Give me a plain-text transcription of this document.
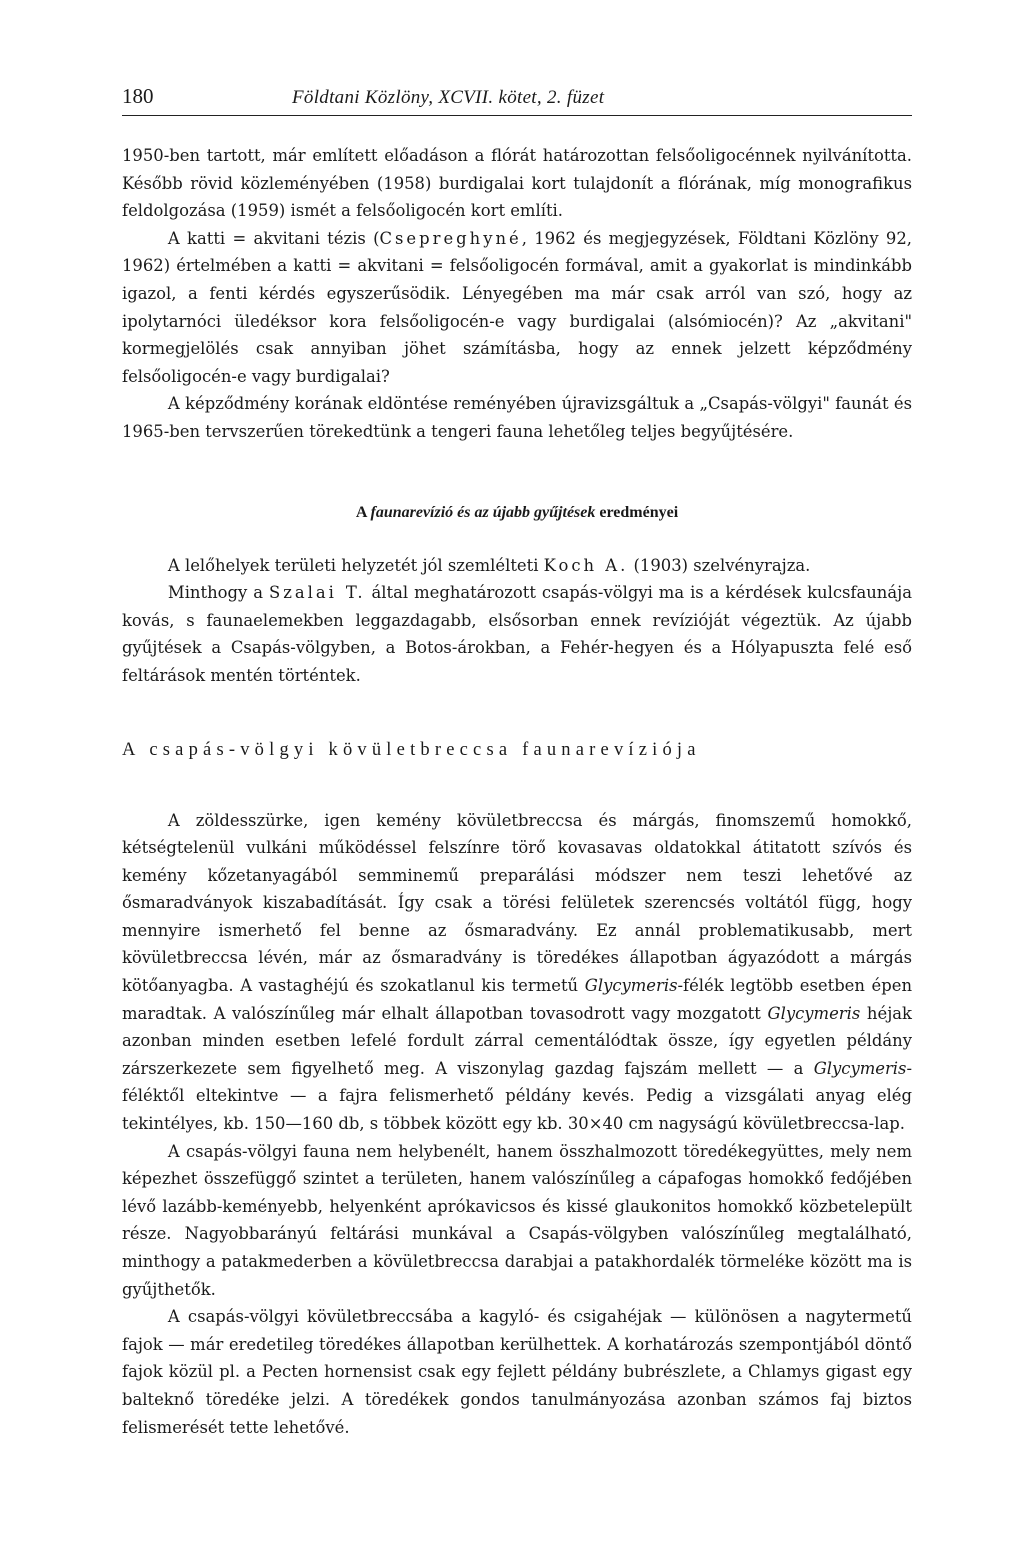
180	Földtani Közlöny, XCVII. kötet, 2. füzet

1950-ben tartott, már említett előadáson a flórát határozottan felsőoligocénnek nyilvánította. Később rövid közleményében (1958) burdigalai kort tulajdonít a flórának, míg monografikus feldolgozása (1959) ismét a felsőoligocén kort említi.

A katti = akvitani tézis (Csepreghyné, 1962 és megjegyzések, Földtani Közlöny 92, 1962) értelmében a katti = akvitani = felsőoligocén formával, amit a gyakorlat is mindinkább igazol, a fenti kérdés egyszerűsödik. Lényegében ma már csak arról van szó, hogy az ipolytarnóci üledéksor kora felsőoligocén-e vagy burdigalai (alsómiocén)? Az „akvitani" kormegjelölés csak annyiban jöhet számításba, hogy az ennek jelzett képződmény felsőoligocén-e vagy burdigalai?

A képződmény korának eldöntése reményében újravizsgáltuk a „Csapás-völgyi" faunát és 1965-ben tervszerűen törekedtünk a tengeri fauna lehetőleg teljes begyűjtésére.

A faunarevízió és az újabb gyűjtések eredményei

A lelőhelyek területi helyzetét jól szemlélteti Koch A. (1903) szelvényrajza.

Minthogy a Szalai T. által meghatározott csapás-völgyi ma is a kérdések kulcsfaunája kovás, s faunaelemekben leggazdagabb, elsősorban ennek revízióját végeztük. Az újabb gyűjtések a Csapás-völgyben, a Botos-árokban, a Fehér-hegyen és a Hólyapuszta felé eső feltárások mentén történtek.

A csapás-völgyi kövületbreccsa faunarevíziója

A zöldesszürke, igen kemény kövületbreccsa és márgás, finomszemű homokkő, kétségtelenül vulkáni működéssel felszínre törő kovasavas oldatokkal átitatott szívós és kemény kőzetanyagából semminemű preparálási módszer nem teszi lehetővé az ősmaradványok kiszabadítását. Így csak a törési felületek szerencsés voltától függ, hogy mennyire ismerhető fel benne az ősmaradvány. Ez annál problematikusabb, mert kövületbreccsa lévén, már az ősmaradvány is töredékes állapotban ágyazódott a márgás kötőanyagba. A vastaghéjú és szokatlanul kis termetű Glycymeris-félék legtöbb esetben épen maradtak. A valószínűleg már elhalt állapotban tovasodrott vagy mozgatott Glycymeris héjak azonban minden esetben lefelé fordult zárral cementálódtak össze, így egyetlen példány zárszerkezete sem figyelhető meg. A viszonylag gazdag fajszám mellett — a Glycymeris-féléktől eltekintve — a fajra felismerhető példány kevés. Pedig a vizsgálati anyag elég tekintélyes, kb. 150—160 db, s többek között egy kb. 30×40 cm nagyságú kövületbreccsa-lap.

A csapás-völgyi fauna nem helybenélt, hanem összhalmozott töredékegyüttes, mely nem képezhet összefüggő szintet a területen, hanem valószínűleg a cápafogas homokkő fedőjében lévő lazább-keményebb, helyenként aprókavicsos és kissé glaukonitos homokkő közbetelepült része. Nagyobbarányú feltárási munkával a Csapás-völgyben valószínűleg megtalálható, minthogy a patakmederben a kövületbreccsa darabjai a patakhordalék törmeléke között ma is gyűjthetők.

A csapás-völgyi kövületbreccsába a kagyló- és csigahéjak — különösen a nagytermetű fajok — már eredetileg töredékes állapotban kerülhettek. A korhatározás szempontjából döntő fajok közül pl. a Pecten hornensist csak egy fejlett példány bubrészlete, a Chlamys gigast egy balteknő töredéke jelzi. A töredékek gondos tanulmányozása azonban számos faj biztos felismerését tette lehetővé.
